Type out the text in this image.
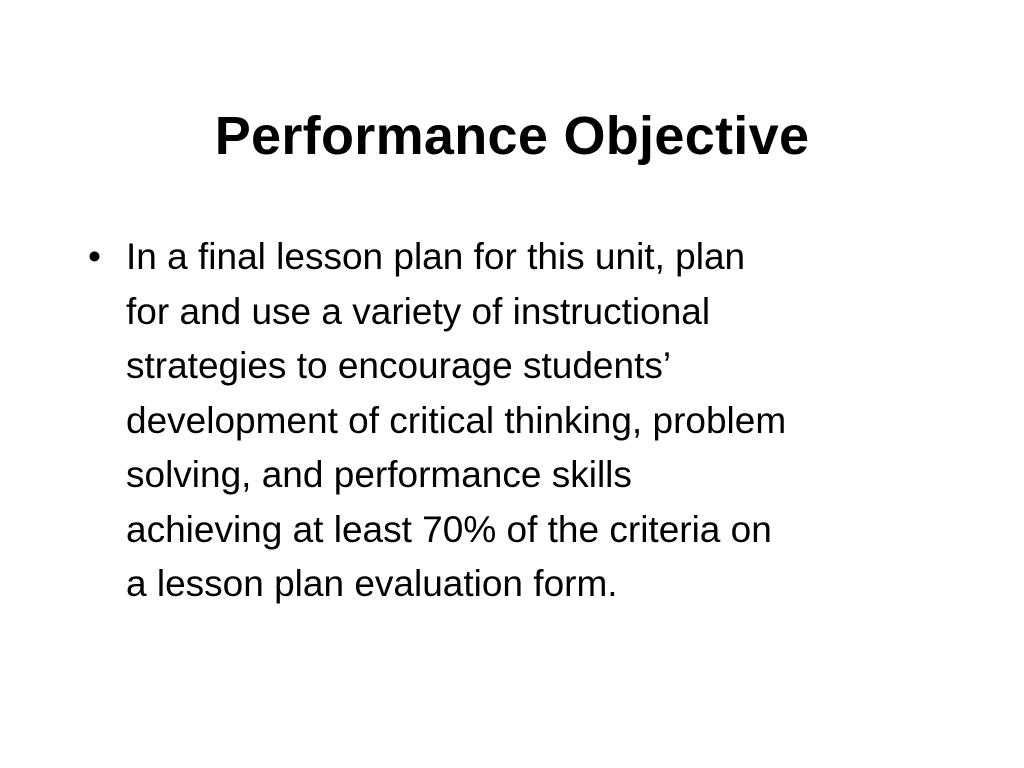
Performance Objective
• In a final lesson plan for this unit, plan
for and use a variety of instructional
strategies to encourage students’
development of critical thinking, problem
solving, and performance skills
achieving at least 70% of the criteria on
a lesson plan evaluation form.
